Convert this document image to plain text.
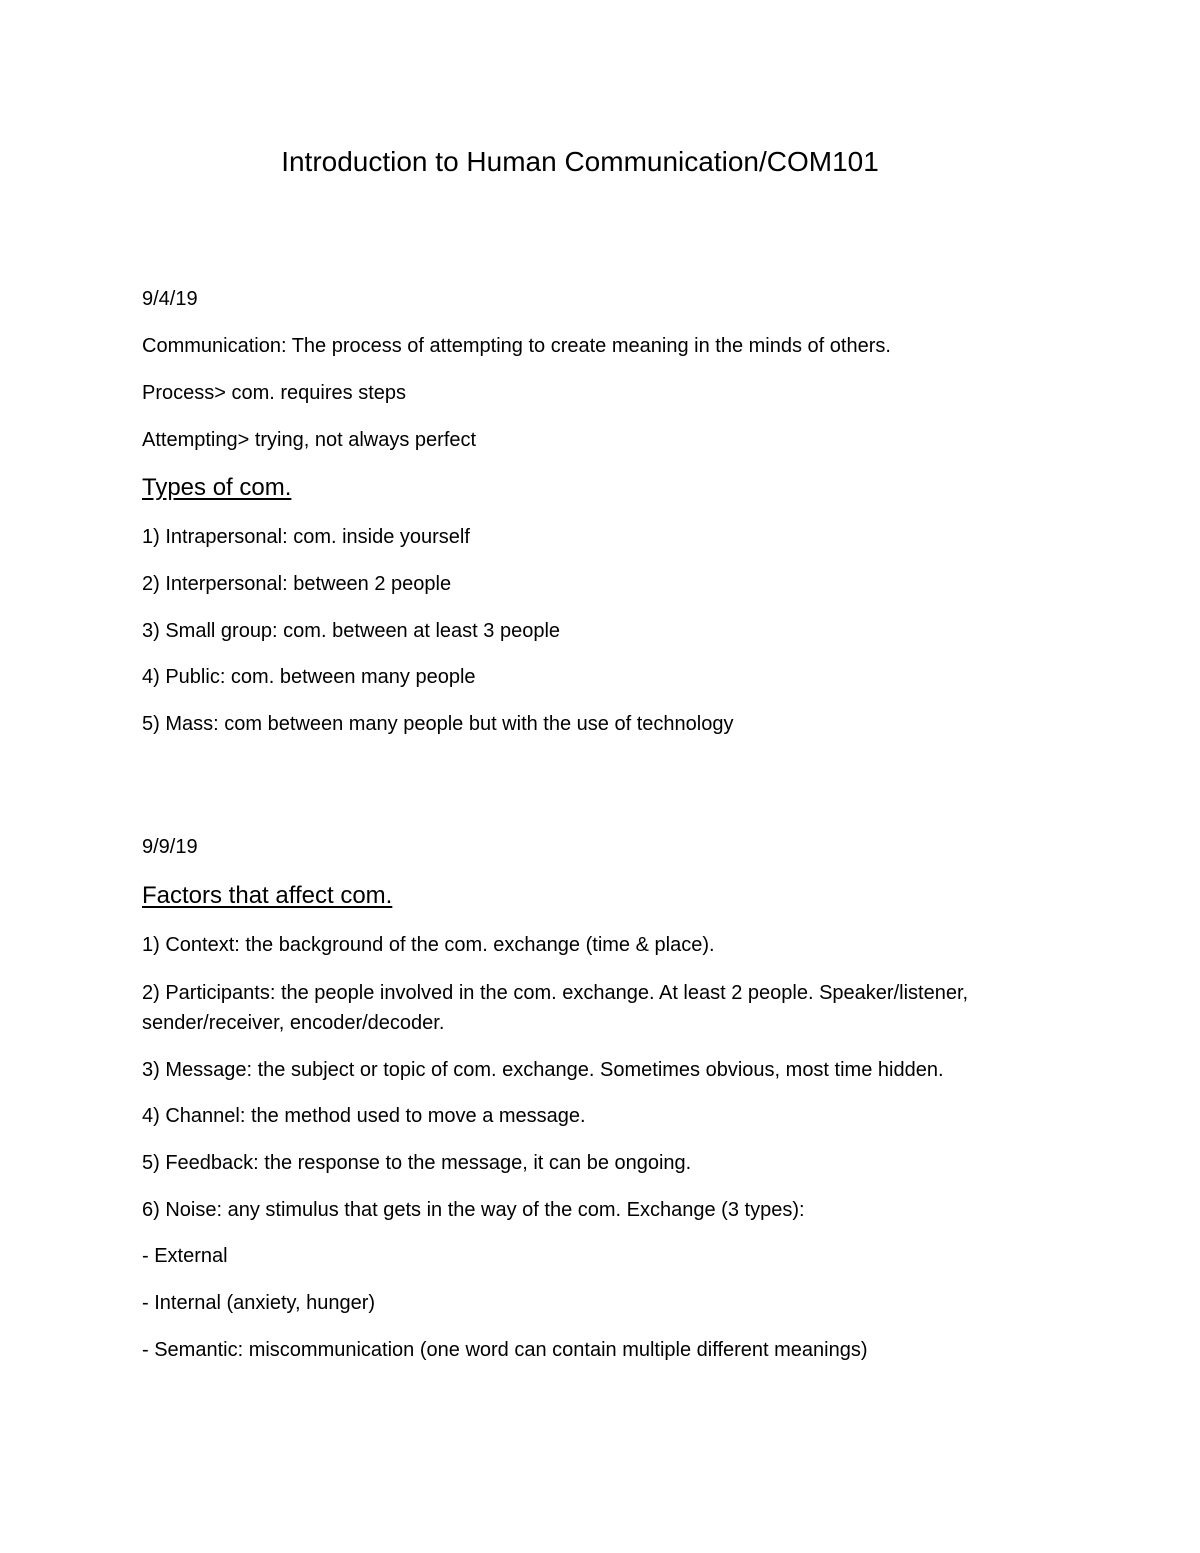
Introduction to Human Communication/COM101
9/4/19
Communication: The process of attempting to create meaning in the minds of others.
Process> com. requires steps
Attempting> trying, not always perfect
Types of com.
1) Intrapersonal: com. inside yourself
2) Interpersonal: between 2 people
3) Small group: com. between at least 3 people
4) Public: com. between many people
5) Mass: com between many people but with the use of technology
9/9/19
Factors that affect com.
1) Context: the background of the com. exchange (time & place).
2) Participants: the people involved in the com. exchange. At least 2 people. Speaker/listener, sender/receiver, encoder/decoder.
3) Message: the subject or topic of com. exchange. Sometimes obvious, most time hidden.
4) Channel: the method used to move a message.
5) Feedback: the response to the message, it can be ongoing.
6) Noise: any stimulus that gets in the way of the com. Exchange (3 types):
- External
- Internal (anxiety, hunger)
- Semantic: miscommunication (one word can contain multiple different meanings)
